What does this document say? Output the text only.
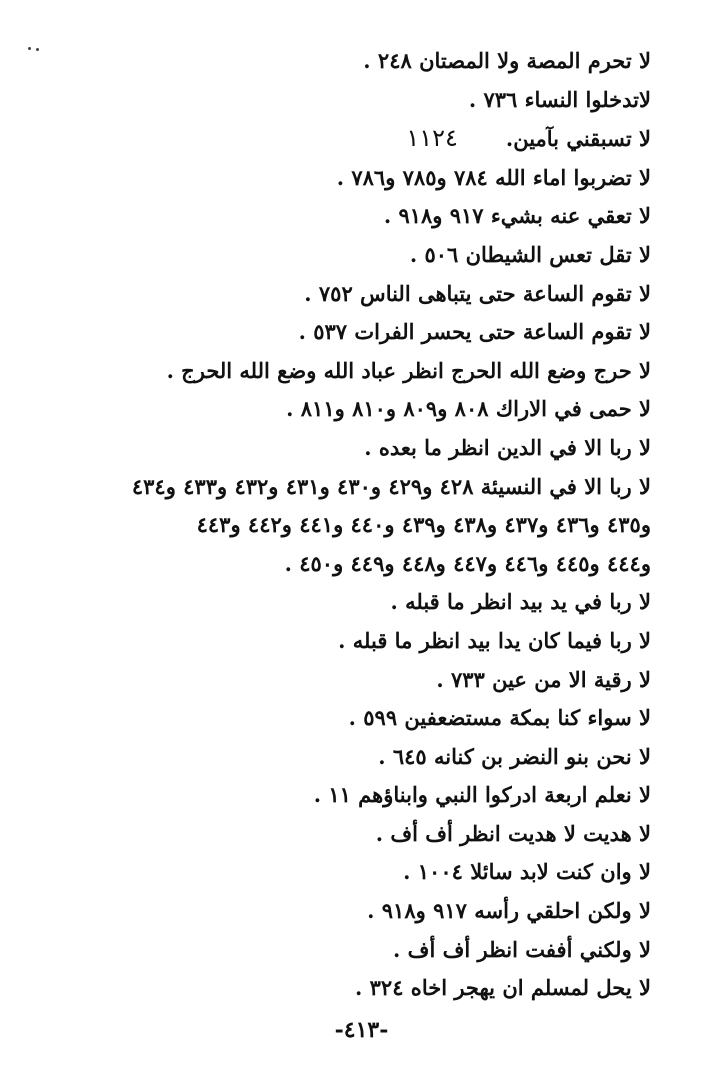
لا تحرم المصة ولا المصتان ٢٤٨ .
لاتدخلوا النساء ٧٣٦ .
لا تسبقني بآمين.١١٢٤
لا تضربوا اماء الله ٧٨٤ و٧٨٥ و٧٨٦ .
لا تعقي عنه بشيء ٩١٧ و٩١٨ .
لا تقل تعس الشيطان ٥٠٦ .
لا تقوم الساعة حتى يتباهى الناس ٧٥٢ .
لا تقوم الساعة حتى يحسر الفرات ٥٣٧ .
لا حرج وضع الله الحرج انظر عباد الله وضع الله الحرج .
لا حمى في الاراك ٨٠٨ و٨٠٩ و٨١٠ و٨١١ .
لا ربا الا في الدين انظر ما بعده .
لا ربا الا في النسيئة ٤٢٨ و٤٢٩ و٤٣٠ و٤٣١ و٤٣٢ و٤٣٣ و٤٣٤
و٤٣٥ و٤٣٦ و٤٣٧ و٤٣٨ و٤٣٩ و٤٤٠ و٤٤١ و٤٤٢ و٤٤٣
و٤٤٤ و٤٤٥ و٤٤٦ و٤٤٧ و٤٤٨ و٤٤٩ و٤٥٠ .
لا ربا في يد بيد انظر ما قبله .
لا ربا فيما كان يدا بيد انظر ما قبله .
لا رقية الا من عين ٧٣٣ .
لا سواء كنا بمكة مستضعفين ٥٩٩ .
لا نحن بنو النضر بن كنانه ٦٤٥ .
لا نعلم اربعة ادركوا النبي وابناؤهم ١١ .
لا هديت لا هديت انظر أف أف .
لا وان كنت لابد سائلا ١٠٠٤ .
لا ولكن احلقي رأسه ٩١٧ و٩١٨ .
لا ولكني أففت انظر أف أف .
لا يحل لمسلم ان يهجر اخاه ٣٢٤ .
-٤١٣-
